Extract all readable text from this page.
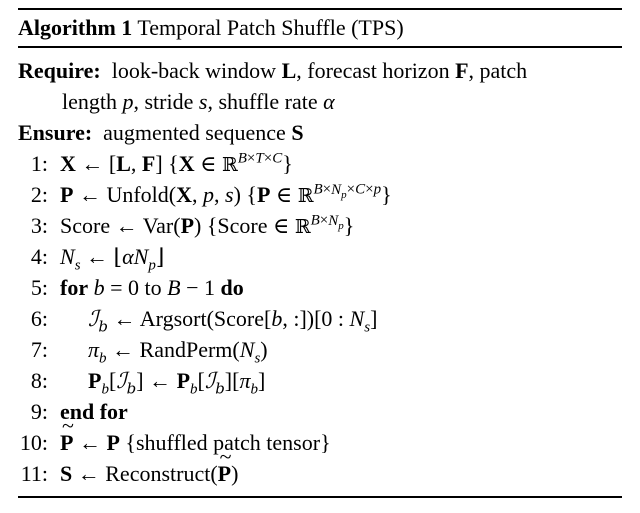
Algorithm 1 Temporal Patch Shuffle (TPS)
Require: look-back window L, forecast horizon F, patch
length p, stride s, shuffle rate α
Ensure: augmented sequence S
1: X ← [L, F] {X ∈ ℝ$^{B\times T\times C}$}
2: P ← Unfold(X, p, s) {P ∈ ℝ$^{B\times N_p\times C\times p}$}
3: Score ← Var(P) {Score ∈ ℝ$^{B\times N_p}$}
4: $N_s$ ← $⌊\alpha N_p⌋$
5: for b = 0 to B − 1 do
6: ℐ$_b$ ← Argsort(Score[b, :])[0 : $N_s$]
7: $\pi_b$ ← $RandPerm(N_s)$
8: $P_b[ℐ_b]$ ← $P_b[ℐ_b][\pi_b]$
9: end for
10:
~ P ← P {shuffled patch tensor}
11: S ← Reconstruct(~ P)
